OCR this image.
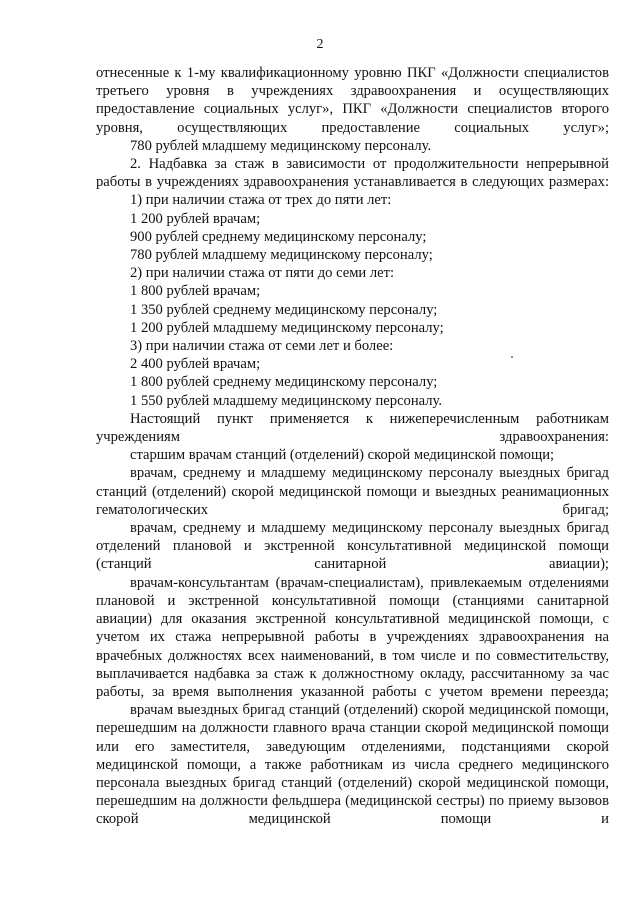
2

отнесенные к 1-му квалификационному уровню ПКГ «Должности специалистов третьего уровня в учреждениях здравоохранения и осуществляющих предоставление социальных услуг», ПКГ «Должности специалистов второго уровня, осуществляющих предоставление социальных услуг»;

780 рублей младшему медицинскому персоналу.

2. Надбавка за стаж в зависимости от продолжительности непрерывной работы в учреждениях здравоохранения устанавливается в следующих размерах:

1) при наличии стажа от трех до пяти лет:

1 200 рублей врачам;

900 рублей среднему медицинскому персоналу;

780 рублей младшему медицинскому персоналу;

2) при наличии стажа от пяти до семи лет:

1 800 рублей врачам;

1 350 рублей среднему медицинскому персоналу;

1 200 рублей младшему медицинскому персоналу;

3) при наличии стажа от семи лет и более:

2 400 рублей врачам;

1 800 рублей среднему медицинскому персоналу;

1 550 рублей младшему медицинскому персоналу.

Настоящий пункт применяется к нижеперечисленным работникам учреждениям здравоохранения:

старшим врачам станций (отделений) скорой медицинской помощи;

врачам, среднему и младшему медицинскому персоналу выездных бригад станций (отделений) скорой медицинской помощи и выездных реанимационных гематологических бригад;

врачам, среднему и младшему медицинскому персоналу выездных бригад отделений плановой и экстренной консультативной медицинской помощи (станций санитарной авиации);

врачам-консультантам (врачам-специалистам), привлекаемым отделениями плановой и экстренной консультативной помощи (станциями санитарной авиации) для оказания экстренной консультативной медицинской помощи, с учетом их стажа непрерывной работы в учреждениях здравоохранения на врачебных должностях всех наименований, в том числе и по совместительству, выплачивается надбавка за стаж к должностному окладу, рассчитанному за час работы, за время выполнения указанной работы с учетом времени переезда;

врачам выездных бригад станций (отделений) скорой медицинской помощи, перешедшим на должности главного врача станции скорой медицинской помощи или его заместителя, заведующим отделениями, подстанциями скорой медицинской помощи, а также работникам из числа среднего медицинского персонала выездных бригад станций (отделений) скорой медицинской помощи, перешедшим на должности фельдшера (медицинской сестры) по приему вызовов скорой медицинской помощи и
